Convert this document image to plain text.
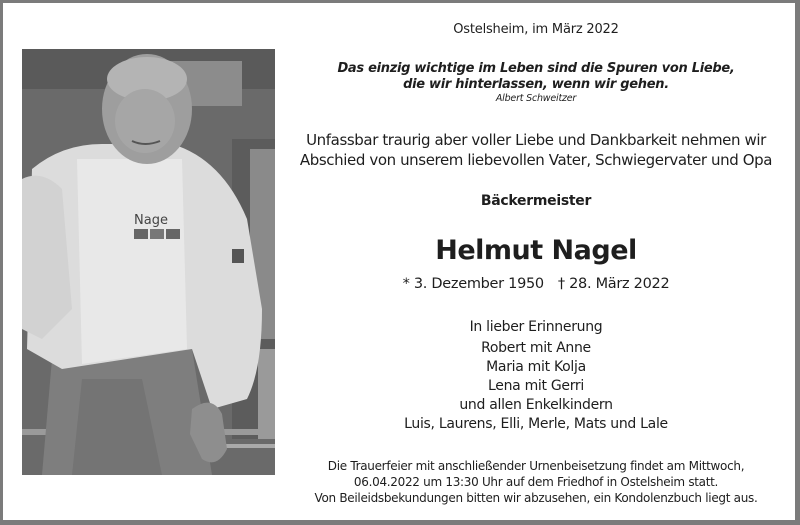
Nage
Ostelsheim, im März 2022
Das einzig wichtige im Leben sind die Spuren von Liebe,
die wir hinterlassen, wenn wir gehen.
Albert Schweitzer
Unfassbar traurig aber voller Liebe und Dankbarkeit nehmen wir
Abschied von unserem liebevollen Vater, Schwiegervater und Opa
Bäckermeister
Helmut Nagel
* 3. Dezember 1950 † 28. März 2022
In lieber Erinnerung
Robert mit Anne
Maria mit Kolja
Lena mit Gerri
und allen Enkelkindern
Luis, Laurens, Elli, Merle, Mats und Lale
Die Trauerfeier mit anschließender Urnenbeisetzung findet am Mittwoch,
06.04.2022 um 13:30 Uhr auf dem Friedhof in Ostelsheim statt.
Von Beileidsbekundungen bitten wir abzusehen, ein Kondolenzbuch liegt aus.
